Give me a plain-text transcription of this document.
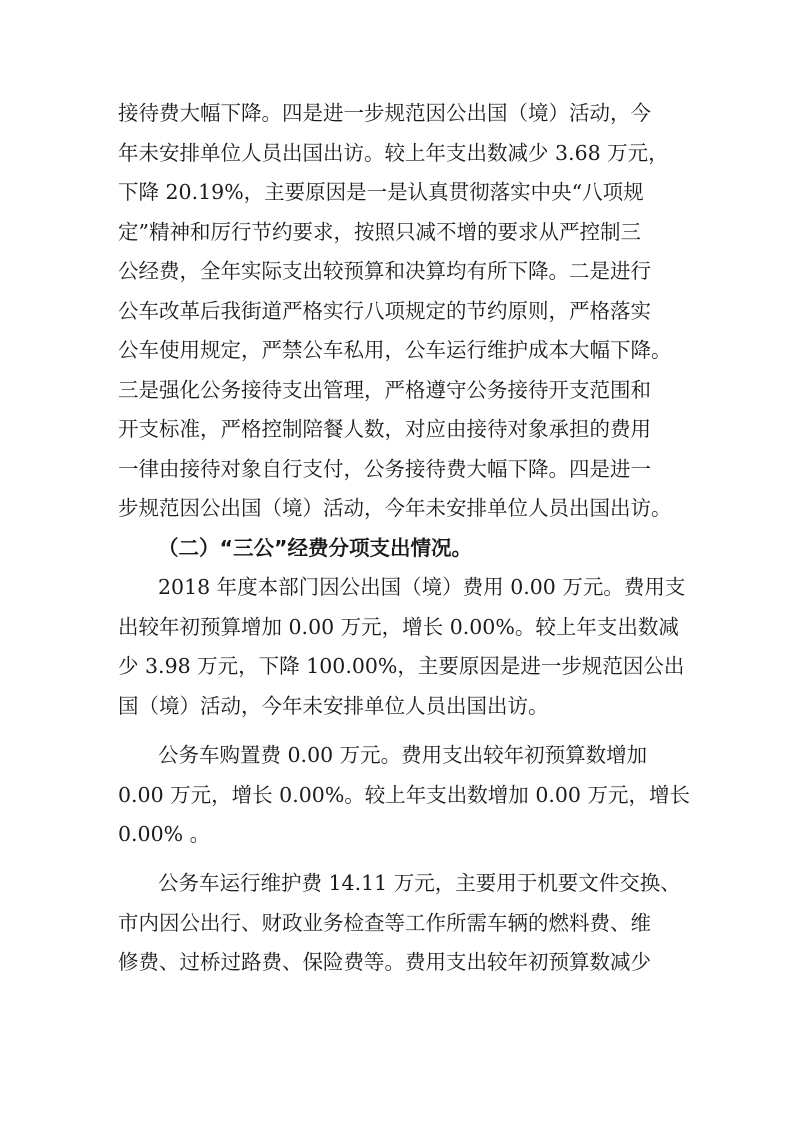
接待费大幅下降。四是进一步规范因公出国（境）活动，今
年未安排单位人员出国出访。较上年支出数减少 3.68 万元，
下降 20.19%，主要原因是一是认真贯彻落实中央“八项规
定”精神和厉行节约要求，按照只减不增的要求从严控制三
公经费，全年实际支出较预算和决算均有所下降。二是进行
公车改革后我街道严格实行八项规定的节约原则，严格落实
公车使用规定，严禁公车私用，公车运行维护成本大幅下降。
三是强化公务接待支出管理，严格遵守公务接待开支范围和
开支标准，严格控制陪餐人数，对应由接待对象承担的费用
一律由接待对象自行支付，公务接待费大幅下降。四是进一
步规范因公出国（境）活动，今年未安排单位人员出国出访。
（二）“三公”经费分项支出情况。
2018 年度本部门因公出国（境）费用 0.00 万元。费用支
出较年初预算增加 0.00 万元，增长 0.00%。较上年支出数减
少 3.98 万元，下降 100.00%，主要原因是进一步规范因公出
国（境）活动，今年未安排单位人员出国出访。
公务车购置费 0.00 万元。费用支出较年初预算数增加
0.00 万元，增长 0.00%。较上年支出数增加 0.00 万元，增长
0.00% 。
公务车运行维护费 14.11 万元，主要用于机要文件交换、
市内因公出行、财政业务检查等工作所需车辆的燃料费、维
修费、过桥过路费、保险费等。费用支出较年初预算数减少
